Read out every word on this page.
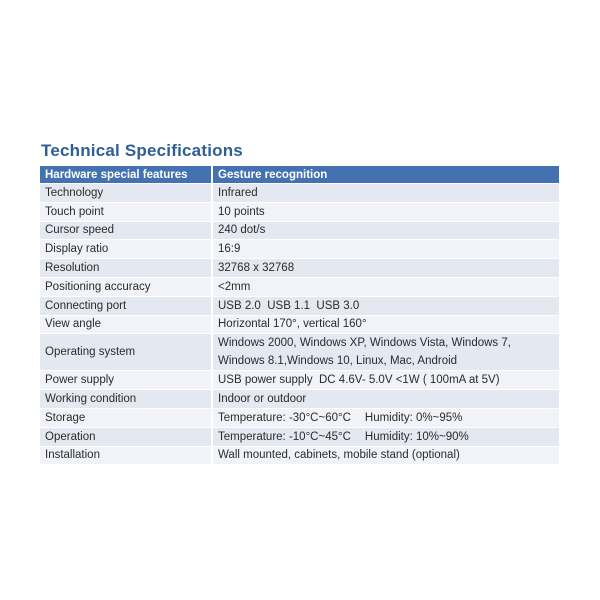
Technical Specifications
Hardware special features	Gesture recognition
Technology	Infrared
Touch point	10 points
Cursor speed	240 dot/s
Display ratio	16:9
Resolution	32768 x 32768
Positioning accuracy	<2mm
Connecting port	USB 2.0  USB 1.1  USB 3.0
View angle	Horizontal 170°, vertical 160°
Operating system	Windows 2000, Windows XP, Windows Vista, Windows 7,
Windows 8.1,Windows 10, Linux, Mac, Android

Power supply	USB power supply  DC 4.6V- 5.0V <1W ( 100mA at 5V)
Working condition	Indoor or outdoor
Storage	Temperature: -30°C~60°C Humidity: 0%~95%
Operation	Temperature: -10°C~45°C Humidity: 10%~90%
Installation	Wall mounted, cabinets, mobile stand (optional)
